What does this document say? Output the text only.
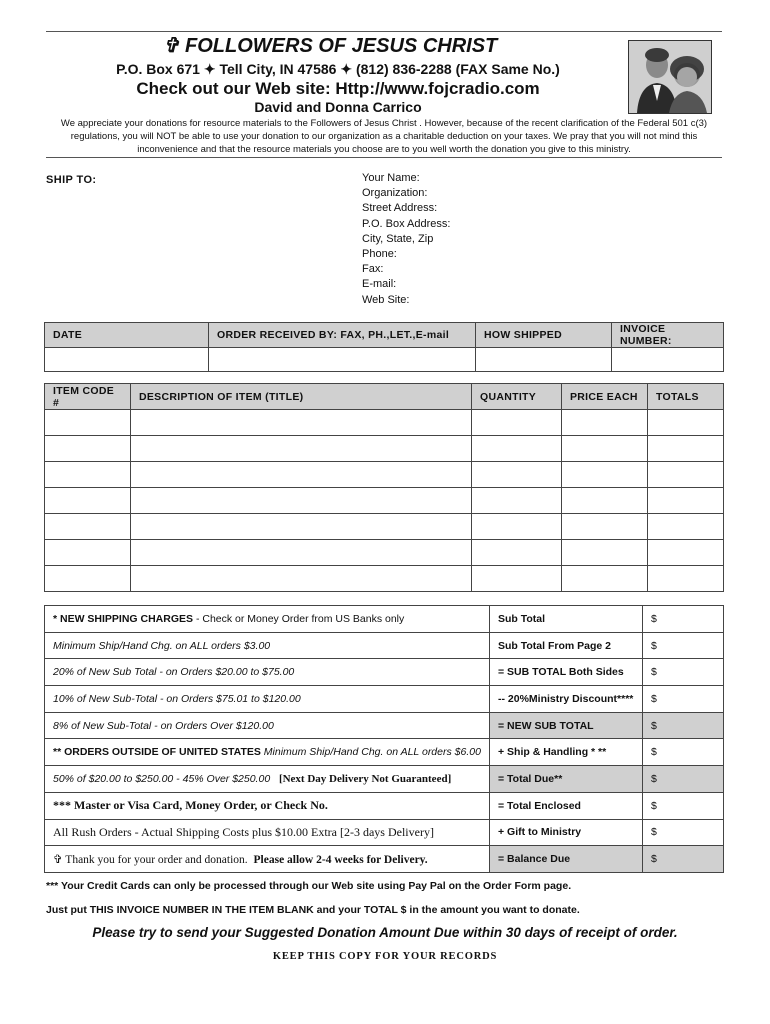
✞ FOLLOWERS OF JESUS CHRIST
P.O. Box 671 ✦ Tell City, IN 47586 ✦ (812) 836-2288 (FAX Same No.)
Check out our Web site: Http://www.fojcradio.com
David and Donna Carrico
We appreciate your donations for resource materials to the Followers of Jesus Christ . However, because of the recent clarification of the Federal 501 c(3) regulations, you will NOT be able to use your donation to our organization as a charitable deduction on your taxes. We pray that you will not mind this inconvenience and that the resource materials you choose are to you well worth the donation you give to this ministry.
SHIP TO:	Your Name:
Organization:
Street Address:
P.O. Box Address:
City, State, Zip
Phone:
Fax:
E-mail:
Web Site:
DATE	ORDER RECEIVED BY: FAX, PH.,LET.,E-mail	HOW SHIPPED	INVOICE NUMBER:

ITEM CODE #	DESCRIPTION OF ITEM (TITLE)	QUANTITY	PRICE EACH	TOTALS

* NEW SHIPPING CHARGES - Check or Money Order from US Banks only	Sub Total	$
Minimum Ship/Hand Chg. on ALL orders $3.00	Sub Total From Page 2	$
20% of New Sub Total - on Orders $20.00 to $75.00	= SUB TOTAL Both Sides	$
10% of New Sub-Total - on Orders $75.01 to $120.00	-- 20%Ministry Discount****	$
8% of New Sub-Total - on Orders Over $120.00	= NEW SUB TOTAL	$
** ORDERS OUTSIDE OF UNITED STATES Minimum Ship/Hand Chg. on ALL orders $6.00	+ Ship & Handling * **	$
50% of $20.00 to $250.00 - 45% Over $250.00 [Next Day Delivery Not Guaranteed]	= Total Due**	$
*** Master or Visa Card, Money Order, or Check No.	= Total Enclosed	$
All Rush Orders - Actual Shipping Costs plus $10.00 Extra [2-3 days Delivery]	+ Gift to Ministry	$
✞ Thank you for your order and donation. Please allow 2-4 weeks for Delivery.	= Balance Due	$
*** Your Credit Cards can only be processed through our Web site using Pay Pal on the Order Form page.
Just put THIS INVOICE NUMBER IN THE ITEM BLANK and your TOTAL $ in the amount you want to donate.
Please try to send your Suggested Donation Amount Due within 30 days of receipt of order.
KEEP THIS COPY FOR YOUR RECORDS
